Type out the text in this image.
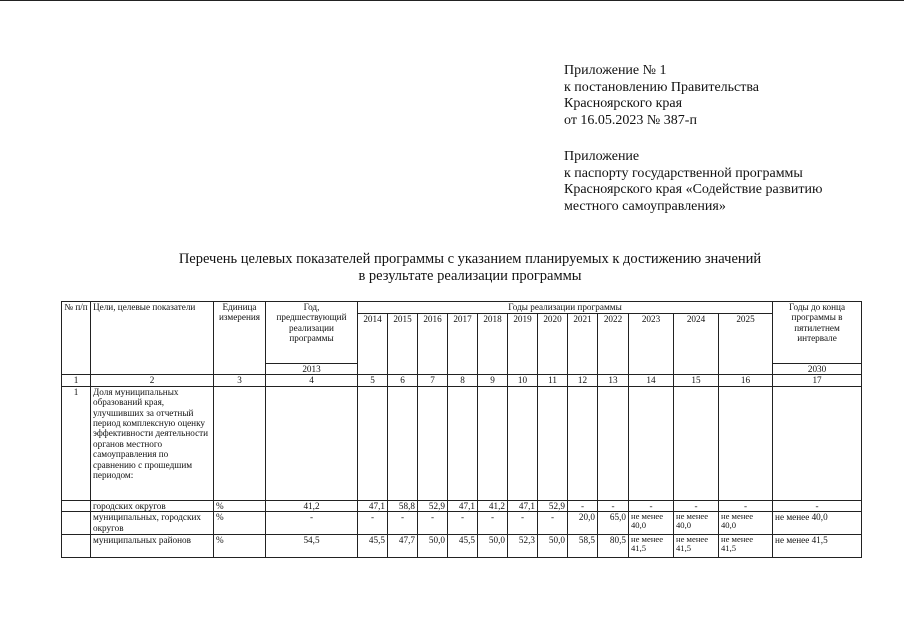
Приложение № 1
к постановлению Правительства
Красноярского края
от 16.05.2023 № 387-п
Приложение
к паспорту государственной программы
Красноярского края «Содействие развитию
местного самоуправления»
Перечень целевых показателей программы с указанием планируемых к достижению значений
в результате реализации программы
№ п/п	Цели, целевые показатели	Единица измерения	Год, предшествующий реализации программы	Годы реализации программы												Годы до конца программы в пятилетнем интервале
				2014	2015	2016	2017	2018	2019	2020	2021	2022	2023	2024	2025	
			2013													2030
1	2	3	4	5	6	7	8	9	10	11	12	13	14	15	16	17
1	Доля муниципальных образований края, улучшивших за отчетный период комплексную оценку эффективности деятельности органов местного самоуправления по сравнению с прошедшим периодом:															
	городских округов	%	41,2	47,1	58,8	52,9	47,1	41,2	47,1	52,9	-	-	-	-	-	-
	муниципальных, городских округов	%	-	-	-	-	-	-	-	-	20,0	65,0	не менее 40,0	не менее 40,0	не менее 40,0	не менее 40,0
	муниципальных районов	%	54,5	45,5	47,7	50,0	45,5	50,0	52,3	50,0	58,5	80,5	не менее 41,5	не менее 41,5	не менее 41,5	не менее 41,5
